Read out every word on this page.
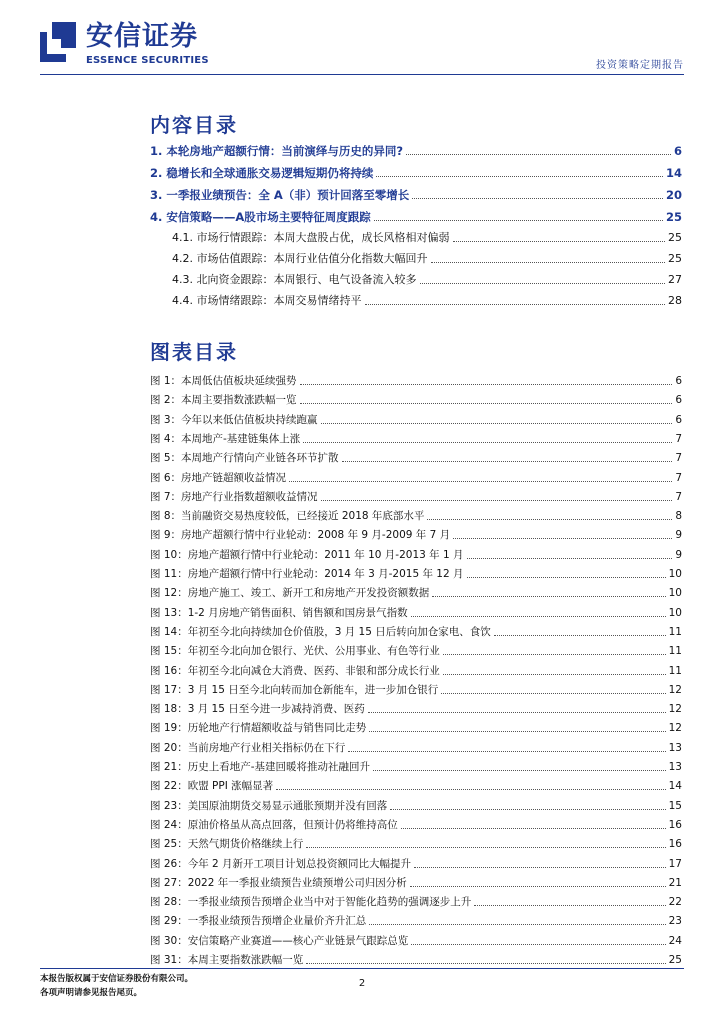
安信证券
ESSENCE SECURITIES	投资策略定期报告
内容目录
1. 本轮房地产超额行情：当前演绎与历史的异同?	6
2. 稳增长和全球通胀交易逻辑短期仍将持续	14
3. 一季报业绩预告：全 A（非）预计回落至零增长	20
4. 安信策略——A股市场主要特征周度跟踪	25
4.1. 市场行情跟踪：本周大盘股占优，成长风格相对偏弱	25
4.2. 市场估值跟踪：本周行业估值分化指数大幅回升	25
4.3. 北向资金跟踪：本周银行、电气设备流入较多	27
4.4. 市场情绪跟踪：本周交易情绪持平	28
图表目录
图 1：本周低估值板块延续强势	6
图 2：本周主要指数涨跌幅一览	6
图 3：今年以来低估值板块持续跑赢	6
图 4：本周地产-基建链集体上涨	7
图 5：本周地产行情向产业链各环节扩散	7
图 6：房地产链超额收益情况	7
图 7：房地产行业指数超额收益情况	7
图 8：当前融资交易热度较低，已经接近 2018 年底部水平	8
图 9：房地产超额行情中行业轮动：2008 年 9 月-2009 年 7 月	9
图 10：房地产超额行情中行业轮动：2011 年 10 月-2013 年 1 月	9
图 11：房地产超额行情中行业轮动：2014 年 3 月-2015 年 12 月	10
图 12：房地产施工、竣工、新开工和房地产开发投资额数据	10
图 13：1-2 月房地产销售面积、销售额和国房景气指数	10
图 14：年初至今北向持续加仓价值股，3 月 15 日后转向加仓家电、食饮	11
图 15：年初至今北向加仓银行、光伏、公用事业、有色等行业	11
图 16：年初至今北向减仓大消费、医药、非银和部分成长行业	11
图 17：3 月 15 日至今北向转而加仓新能车，进一步加仓银行	12
图 18：3 月 15 日至今进一步减持消费、医药	12
图 19：历轮地产行情超额收益与销售同比走势	12
图 20：当前房地产行业相关指标仍在下行	13
图 21：历史上看地产-基建回暖将推动社融回升	13
图 22：欧盟 PPI 涨幅显著	14
图 23：美国原油期货交易显示通胀预期并没有回落	15
图 24：原油价格虽从高点回落，但预计仍将维持高位	16
图 25：天然气期货价格继续上行	16
图 26：今年 2 月新开工项目计划总投资额同比大幅提升	17
图 27：2022 年一季报业绩预告业绩预增公司归因分析	21
图 28：一季报业绩预告预增企业当中对于智能化趋势的强调逐步上升	22
图 29：一季报业绩预告预增企业量价齐升汇总	23
图 30：安信策略产业赛道——核心产业链景气跟踪总览	24
图 31：本周主要指数涨跌幅一览	25
本报告版权属于安信证券股份有限公司。
各项声明请参见报告尾页。
2
